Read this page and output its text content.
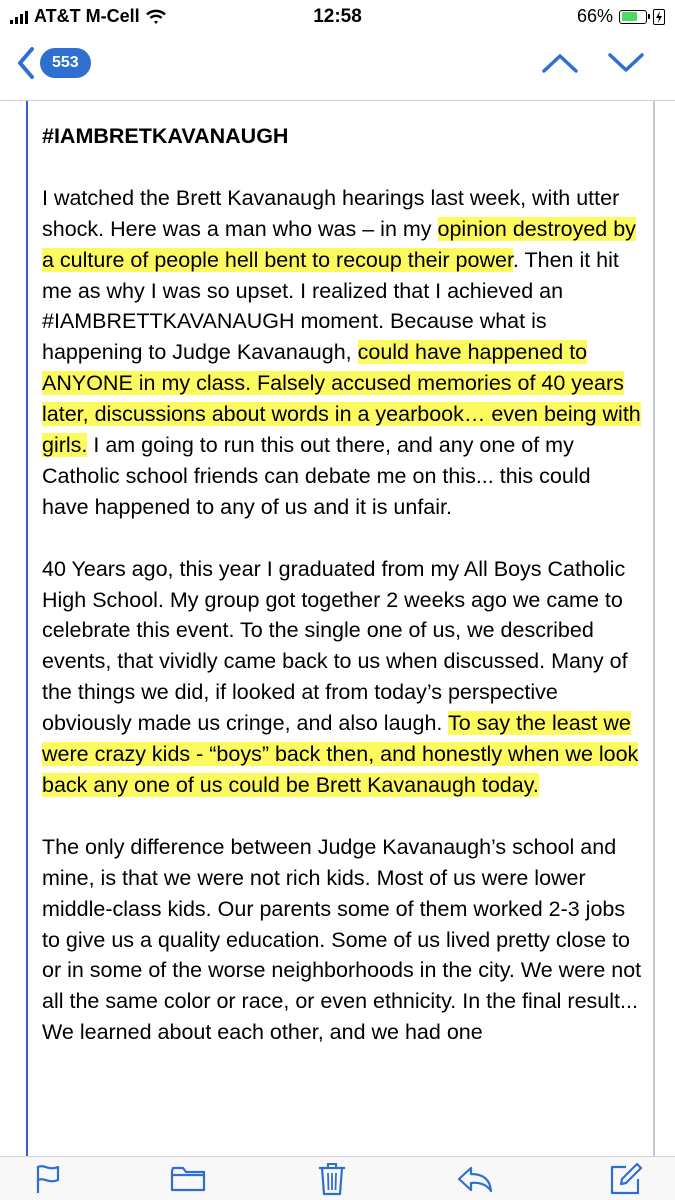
AT&T M-Cell	12:58	66%
553

#IAMBRETKAVANAUGH

I watched the Brett Kavanaugh hearings last week, with utter shock. Here was a man who was – in my opinion destroyed by a culture of people hell bent to recoup their power. Then it hit me as why I was so upset. I realized that I achieved an #IAMBRETTKAVANAUGH moment. Because what is happening to Judge Kavanaugh, could have happened to ANYONE in my class. Falsely accused memories of 40 years later, discussions about words in a yearbook… even being with girls. I am going to run this out there, and any one of my Catholic school friends can debate me on this... this could have happened to any of us and it is unfair.

40 Years ago, this year I graduated from my All Boys Catholic High School. My group got together 2 weeks ago we came to celebrate this event. To the single one of us, we described events, that vividly came back to us when discussed. Many of the things we did, if looked at from today’s perspective obviously made us cringe, and also laugh. To say the least we were crazy kids - “boys” back then, and honestly when we look back any one of us could be Brett Kavanaugh today.

The only difference between Judge Kavanaugh’s school and mine, is that we were not rich kids. Most of us were lower middle-class kids. Our parents some of them worked 2-3 jobs to give us a quality education. Some of us lived pretty close to or in some of the worse neighborhoods in the city. We were not all the same color or race, or even ethnicity. In the final result... We learned about each other, and we had one
